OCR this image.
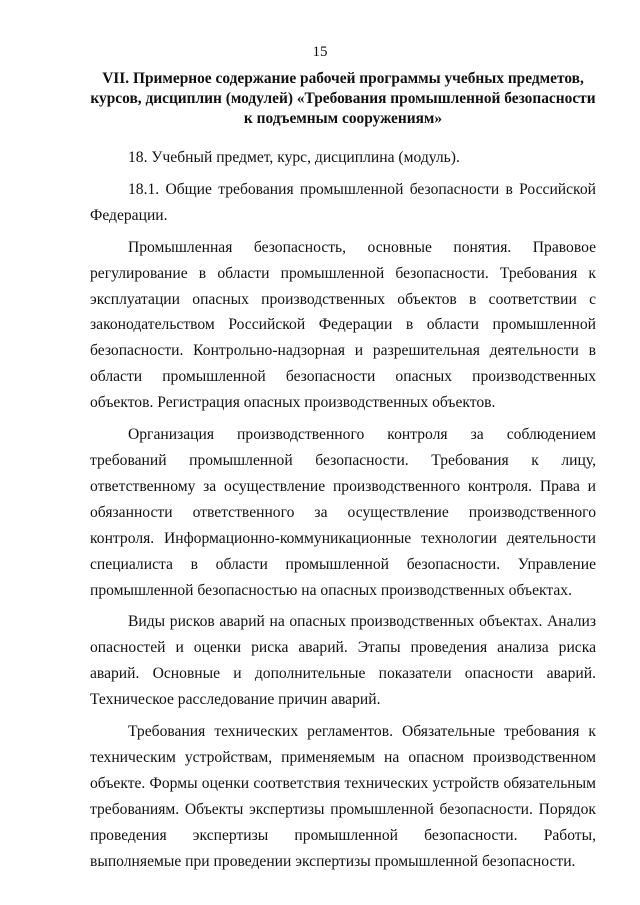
15
VII. Примерное содержание рабочей программы учебных предметов,
курсов, дисциплин (модулей) «Требования промышленной безопасности
к подъемным сооружениям»

18. Учебный предмет, курс, дисциплина (модуль).

18.1. Общие требования промышленной безопасности в Российской Федерации.

Промышленная безопасность, основные понятия. Правовое регулирование в области промышленной безопасности. Требования к эксплуатации опасных производственных объектов в соответствии с законодательством Российской Федерации в области промышленной безопасности. Контрольно-надзорная и разрешительная деятельности в области промышленной безопасности опасных производственных объектов. Регистрация опасных производственных объектов.

Организация производственного контроля за соблюдением требований промышленной безопасности. Требования к лицу, ответственному за осуществление производственного контроля. Права и обязанности ответственного за осуществление производственного контроля. Информационно-коммуникационные технологии деятельности специалиста в области промышленной безопасности. Управление промышленной безопасностью на опасных производственных объектах.

Виды рисков аварий на опасных производственных объектах. Анализ опасностей и оценки риска аварий. Этапы проведения анализа риска аварий. Основные и дополнительные показатели опасности аварий. Техническое расследование причин аварий.

Требования технических регламентов. Обязательные требования к техническим устройствам, применяемым на опасном производственном объекте. Формы оценки соответствия технических устройств обязательным требованиям. Объекты экспертизы промышленной безопасности. Порядок проведения экспертизы промышленной безопасности. Работы, выполняемые при проведении экспертизы промышленной безопасности.
